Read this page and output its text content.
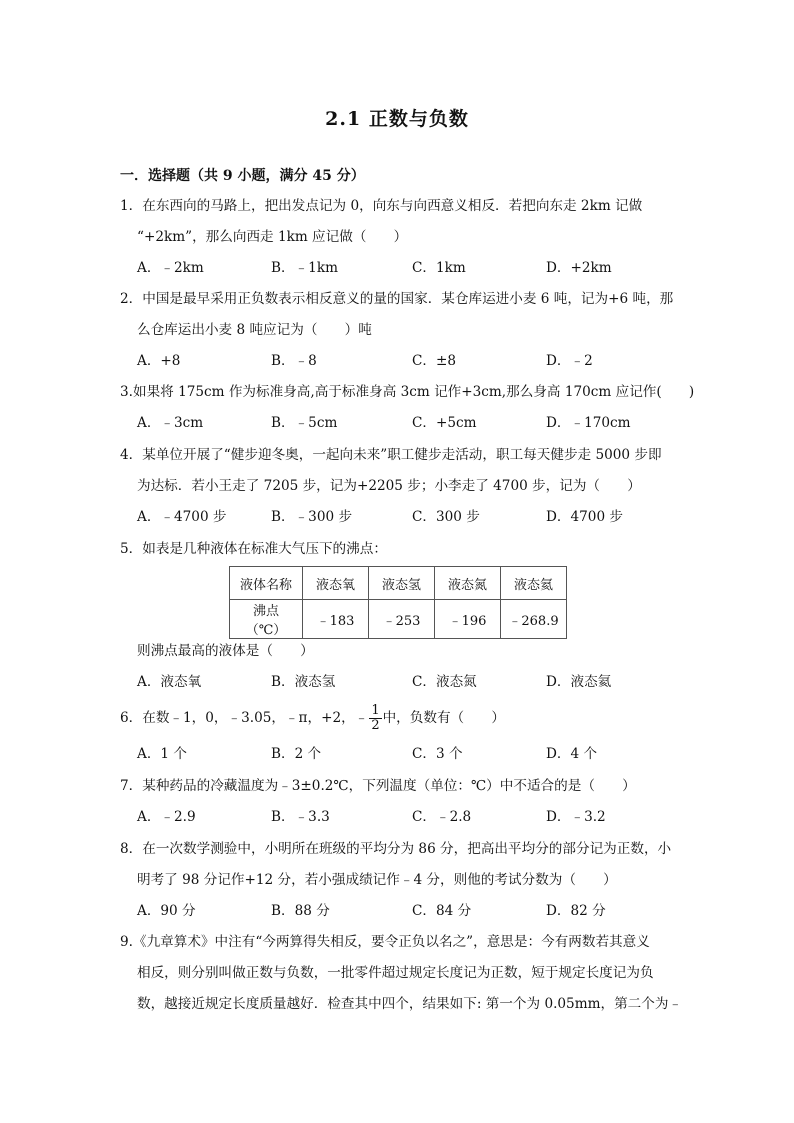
2.1 正数与负数
一．选择题（共 9 小题，满分 45 分）
1．在东西向的马路上，把出发点记为 0，向东与向西意义相反．若把向东走 2km 记做
“+2km”，那么向西走 1km 应记做（　　）
A．﹣2km	B．﹣1km	C．1km	D．+2km
2．中国是最早采用正负数表示相反意义的量的国家．某仓库运进小麦 6 吨，记为+6 吨，那
么仓库运出小麦 8 吨应记为（　　）吨
A．+8	B．﹣8	C．±8	D．﹣2
3.如果将 175cm 作为标准身高,高于标准身高 3cm 记作+3cm,那么身高 170cm 应记作(　　)
A．﹣3cm	B．﹣5cm	C．+5cm	D．﹣170cm
4．某单位开展了“健步迎冬奥，一起向未来”职工健步走活动，职工每天健步走 5000 步即
为达标．若小王走了 7205 步，记为+2205 步；小李走了 4700 步，记为（　　）
A．﹣4700 步	B．﹣300 步	C．300 步	D．4700 步
5．如表是几种液体在标准大气压下的沸点：
液体名称	液态氧	液态氢	液态氮	液态氦
沸点（℃）	﹣183	﹣253	﹣196	﹣268.9
则沸点最高的液体是（　　）
A．液态氧	B．液态氢	C．液态氮	D．液态氦
6．在数﹣1，0，﹣3.05，﹣π，+2，﹣ $\frac{1}{2}$ 中，负数有（　　）
A．1 个	B．2 个	C．3 个	D．4 个
7．某种药品的冷藏温度为﹣3±0.2℃，下列温度（单位：℃）中不适合的是（　　）
A．﹣2.9	B．﹣3.3	C．﹣2.8	D．﹣3.2
8．在一次数学测验中，小明所在班级的平均分为 86 分，把高出平均分的部分记为正数，小
明考了 98 分记作+12 分，若小强成绩记作﹣4 分，则他的考试分数为（　　）
A．90 分	B．88 分	C．84 分	D．82 分
9.《九章算术》中注有“今两算得失相反，要令正负以名之”，意思是：今有两数若其意义
相反，则分别叫做正数与负数，一批零件超过规定长度记为正数，短于规定长度记为负
数，越接近规定长度质量越好．检查其中四个，结果如下: 第一个为 0.05mm，第二个为﹣
